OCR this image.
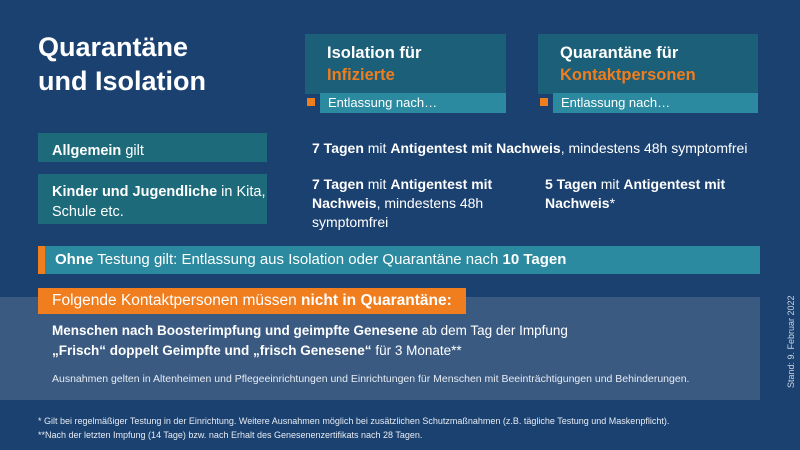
Quarantäne
und Isolation
Isolation für
Infizierte
Entlassung nach…
Quarantäne für
Kontaktpersonen
Entlassung nach…
Allgemein gilt
Kinder und Jugendliche in Kita, Schule etc.
7 Tagen mit Antigentest mit Nachweis, mindestens 48h symptomfrei
7 Tagen mit Antigentest mit Nachweis, mindestens 48h symptomfrei
5 Tagen mit Antigentest mit Nachweis*
Ohne Testung gilt: Entlassung aus Isolation oder Quarantäne nach 10 Tagen
Folgende Kontaktpersonen müssen nicht in Quarantäne:
Menschen nach Boosterimpfung und geimpfte Genesene ab dem Tag der Impfung
„Frisch“ doppelt Geimpfte und „frisch Genesene“ für 3 Monate**
Ausnahmen gelten in Altenheimen und Pflegeeinrichtungen und Einrichtungen für Menschen mit Beeinträchtigungen und Behinderungen.
* Gilt bei regelmäßiger Testung in der Einrichtung. Weitere Ausnahmen möglich bei zusätzlichen Schutzmaßnahmen (z.B. tägliche Testung und Maskenpflicht).
**Nach der letzten Impfung (14 Tage) bzw. nach Erhalt des Genesenenzertifikats nach 28 Tagen.
Stand: 9. Februar 2022
